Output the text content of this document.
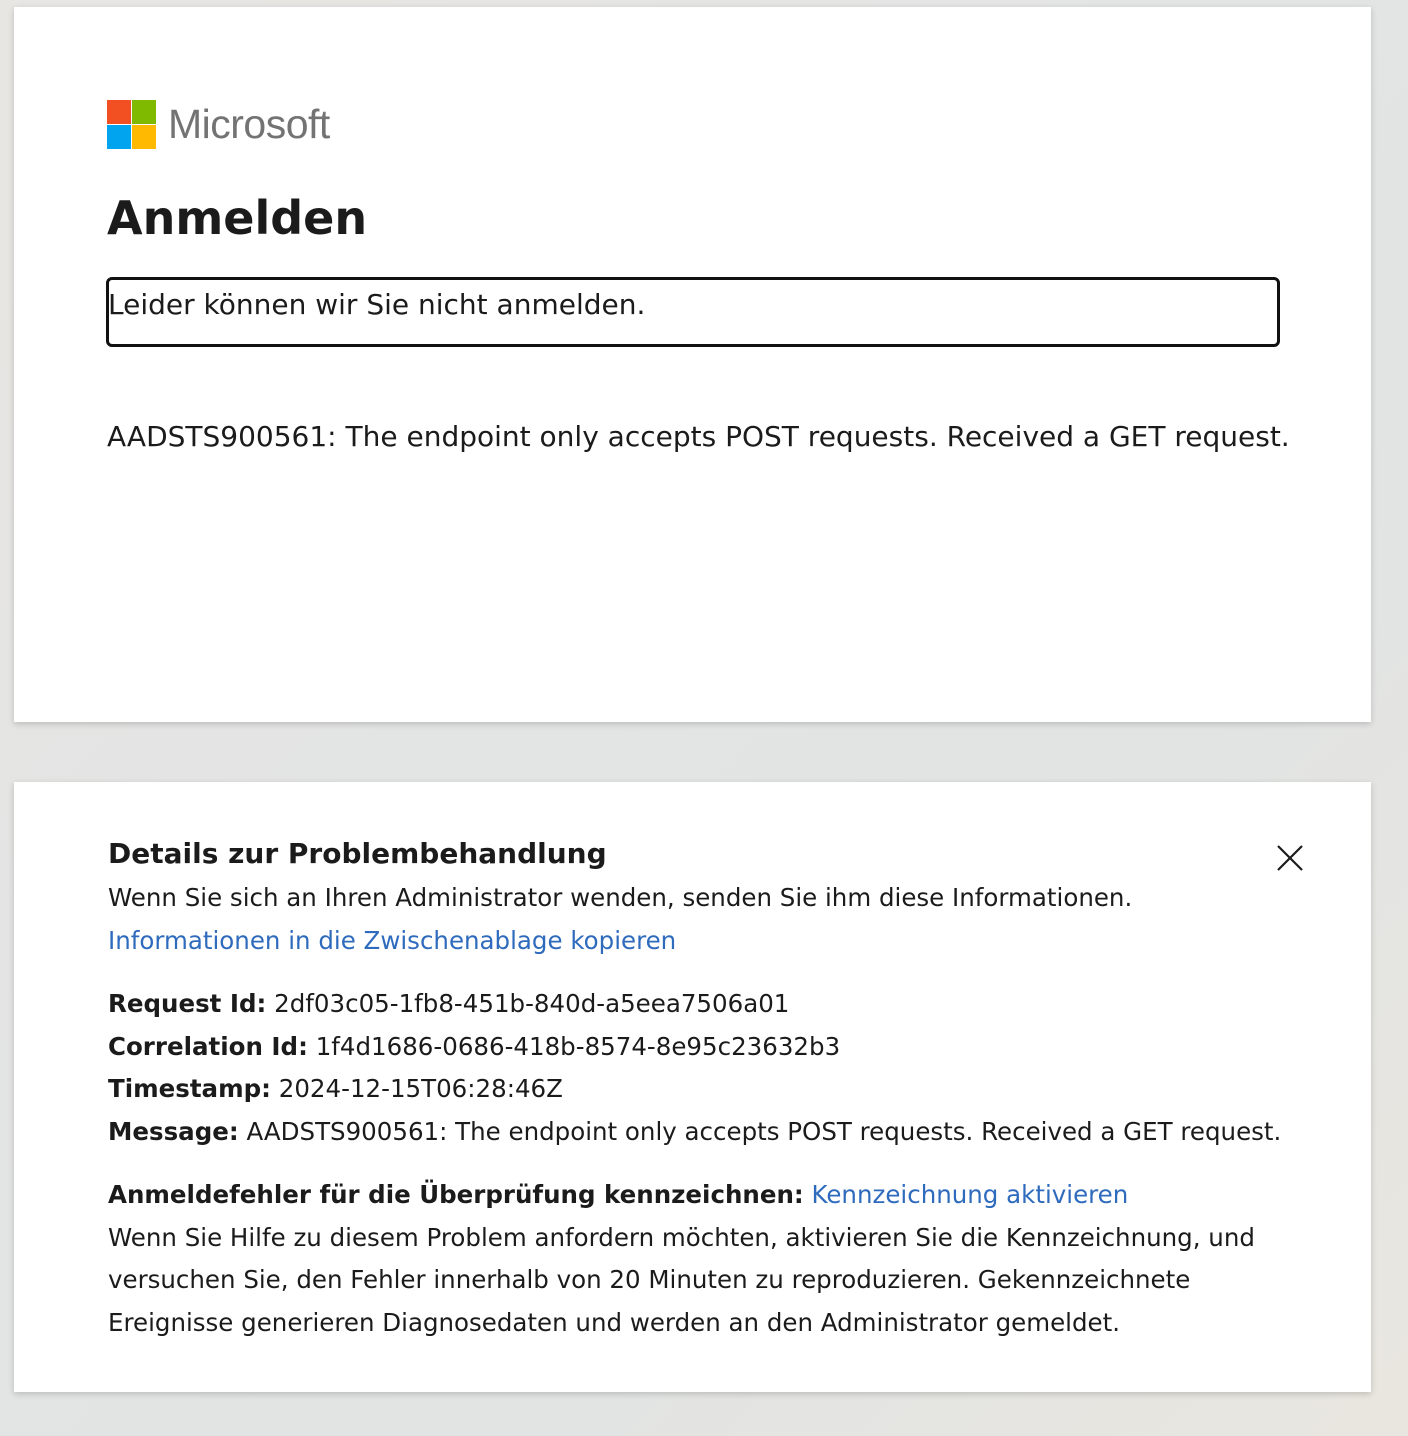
Microsoft
Anmelden
Leider können wir Sie nicht anmelden.
AADSTS900561: The endpoint only accepts POST requests. Received a GET request.
Details zur Problembehandlung

Wenn Sie sich an Ihren Administrator wenden, senden Sie ihm diese Informationen.

Informationen in die Zwischenablage kopieren

Request Id: 2df03c05-1fb8-451b-840d-a5eea7506a01

Correlation Id: 1f4d1686-0686-418b-8574-8e95c23632b3

Timestamp: 2024-12-15T06:28:46Z

Message: AADSTS900561: The endpoint only accepts POST requests. Received a GET request.

Anmeldefehler für die Überprüfung kennzeichnen: Kennzeichnung aktivieren

Wenn Sie Hilfe zu diesem Problem anfordern möchten, aktivieren Sie die Kennzeichnung, und versuchen Sie, den Fehler innerhalb von 20 Minuten zu reproduzieren. Gekennzeichnete Ereignisse generieren Diagnosedaten und werden an den Administrator gemeldet.
